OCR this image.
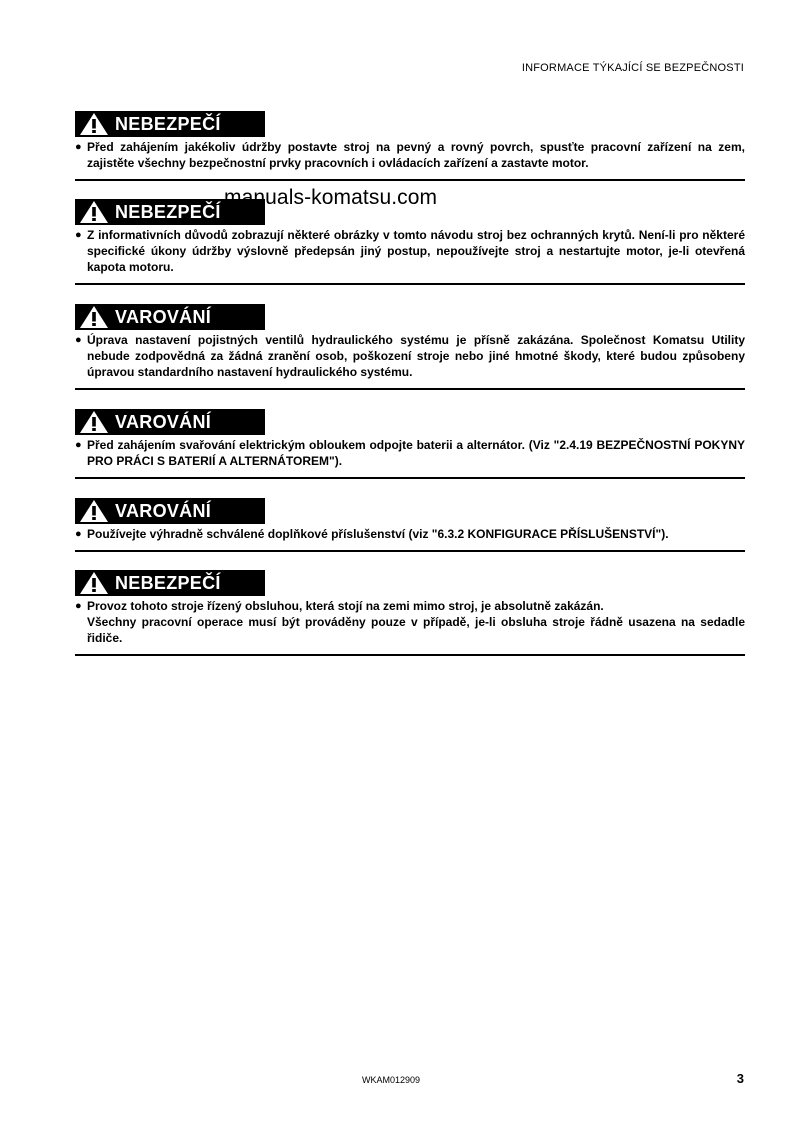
INFORMACE TÝKAJÍCÍ SE BEZPEČNOSTI
manuals-komatsu.com
NEBEZPEČÍ
● Před zahájením jakékoliv údržby postavte stroj na pevný a rovný povrch, spusťte pracovní zařízení na zem, zajistěte všechny bezpečnostní prvky pracovních i ovládacích zařízení a zastavte motor.
NEBEZPEČÍ
● Z informativních důvodů zobrazují některé obrázky v tomto návodu stroj bez ochranných krytů. Není-li pro některé specifické úkony údržby výslovně předepsán jiný postup, nepoužívejte stroj a nestartujte motor, je-li otevřená kapota motoru.
VAROVÁNÍ
● Úprava nastavení pojistných ventilů hydraulického systému je přísně zakázána. Společnost Komatsu Utility nebude zodpovědná za žádná zranění osob, poškození stroje nebo jiné hmotné škody, které budou způsobeny úpravou standardního nastavení hydraulického systému.
VAROVÁNÍ
● Před zahájením svařování elektrickým obloukem odpojte baterii a alternátor. (Viz "2.4.19 BEZPEČNOSTNÍ POKYNY PRO PRÁCI S BATERIÍ A ALTERNÁTOREM").
VAROVÁNÍ
● Používejte výhradně schválené doplňkové příslušenství (viz "6.3.2 KONFIGURACE PŘÍSLUŠENSTVÍ").
NEBEZPEČÍ
● Provoz tohoto stroje řízený obsluhou, která stojí na zemi mimo stroj, je absolutně zakázán.
Všechny pracovní operace musí být prováděny pouze v případě, je-li obsluha stroje řádně usazena na sedadle řidiče.
WKAM012909	3
